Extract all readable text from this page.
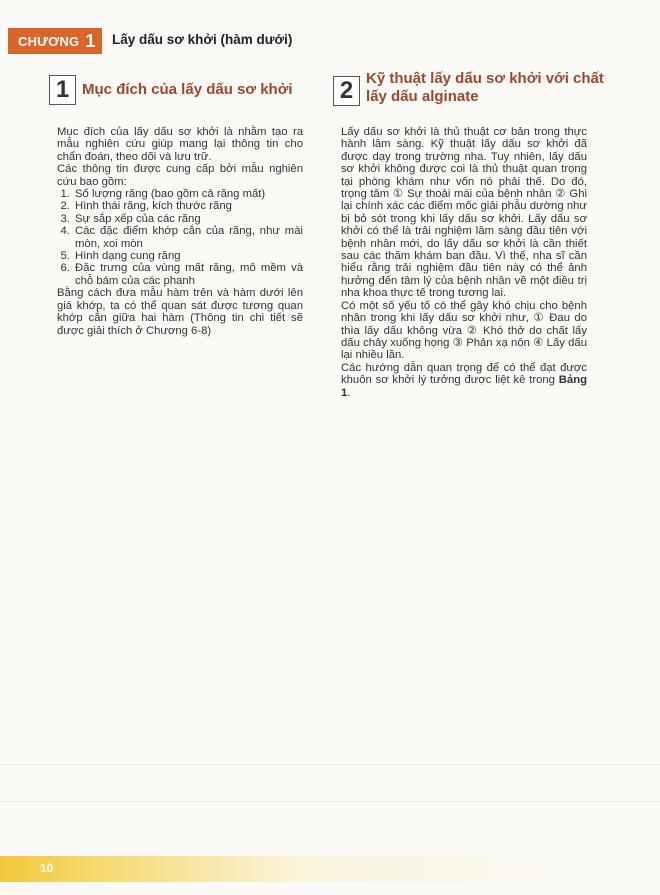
CHƯƠNG 1 Lấy dấu sơ khởi (hàm dưới)
1 Mục đích của lấy dấu sơ khởi

Mục đích của lấy dấu sơ khởi là nhằm tạo ra mẫu nghiên cứu giúp mang lại thông tin cho chẩn đoán, theo dõi và lưu trữ.

Các thông tin được cung cấp bởi mẫu nghiên cứu bao gồm:

1. Số lượng răng (bao gồm cả răng mất)
2. Hình thái răng, kích thước răng
3. Sự sắp xếp của các răng
4. Các đặc điểm khớp cắn của răng, như mài mòn, xoi mòn
5. Hình dạng cung răng
6. Đặc trưng của vùng mất răng, mô mềm và chỗ bám của các phanh

Bằng cách đưa mẫu hàm trên và hàm dưới lên giá khớp, ta có thể quan sát được tương quan khớp cắn giữa hai hàm (Thông tin chi tiết sẽ được giải thích ở Chương 6-8)

2 Kỹ thuật lấy dấu sơ khởi với chất lấy dấu alginate

Lấy dấu sơ khởi là thủ thuật cơ bản trong thực hành lâm sàng. Kỹ thuật lấy dấu sơ khởi đã được dạy trong trường nha. Tuy nhiên, lấy dấu sơ khởi không được coi là thủ thuật quan trọng tại phòng khám như vốn nó phải thế. Do đó, trọng tâm ① Sự thoải mái của bệnh nhân ② Ghi lại chính xác các điểm mốc giải phẫu dường như bị bỏ sót trong khi lấy dấu sơ khởi. Lấy dấu sơ khởi có thể là trải nghiệm lâm sàng đầu tiên với bệnh nhân mới, do lấy dấu sơ khởi là cần thiết sau các thăm khám ban đầu. Vì thế, nha sĩ cần hiểu rằng trải nghiệm đầu tiên này có thể ảnh hưởng đến tâm lý của bệnh nhân về một điều trị nha khoa thực tế trong tương lai.

Có một số yếu tố có thể gây khó chịu cho bệnh nhân trong khi lấy dấu sơ khởi như, ① Đau do thìa lấy dấu không vừa ② Khó thở do chất lấy dấu chảy xuống họng ③ Phản xạ nôn ④ Lấy dấu lại nhiều lần.

Các hướng dẫn quan trọng để có thể đạt được khuôn sơ khởi lý tưởng được liệt kê trong Bảng 1.

10
